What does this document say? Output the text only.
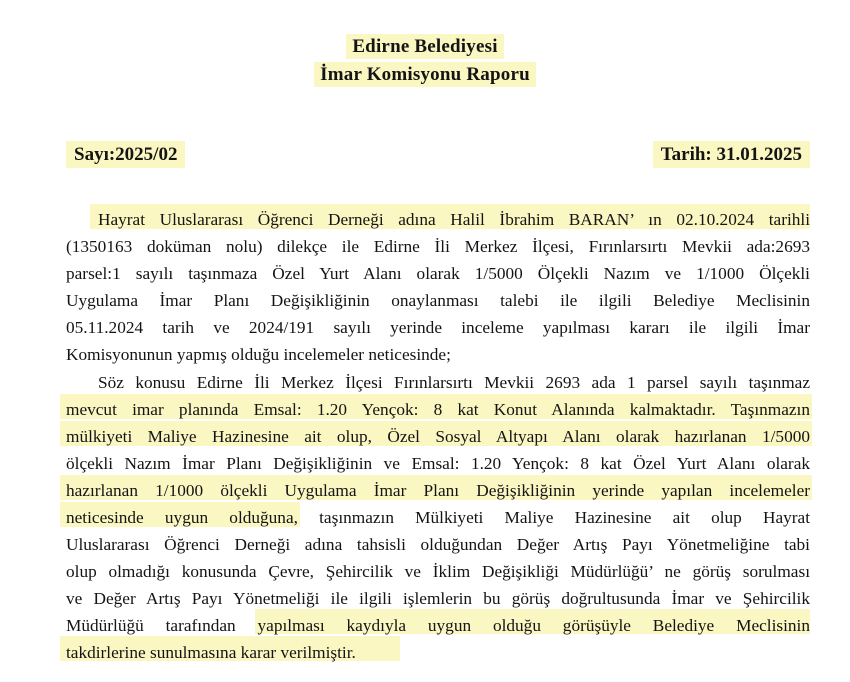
Edirne Belediyesi
İmar Komisyonu Raporu
Sayı:2025/02	Tarih: 31.01.2025
Hayrat Uluslararası Öğrenci Derneği adına Halil İbrahim BARAN’ ın 02.10.2024 tarihli
(1350163 doküman nolu) dilekçe ile Edirne İli Merkez İlçesi, Fırınlarsırtı Mevkii ada:2693
parsel:1 sayılı taşınmaza Özel Yurt Alanı olarak 1/5000 Ölçekli Nazım ve 1/1000 Ölçekli
Uygulama İmar Planı Değişikliğinin onaylanması talebi ile ilgili Belediye Meclisinin
05.11.2024 tarih ve 2024/191 sayılı yerinde inceleme yapılması kararı ile ilgili İmar
Komisyonunun yapmış olduğu incelemeler neticesinde;
Söz konusu Edirne İli Merkez İlçesi Fırınlarsırtı Mevkii 2693 ada 1 parsel sayılı taşınmaz
mevcut imar planında Emsal: 1.20 Yençok: 8 kat Konut Alanında kalmaktadır. Taşınmazın
mülkiyeti Maliye Hazinesine ait olup, Özel Sosyal Altyapı Alanı olarak hazırlanan 1/5000
ölçekli Nazım İmar Planı Değişikliğinin ve Emsal: 1.20 Yençok: 8 kat Özel Yurt Alanı olarak
hazırlanan 1/1000 ölçekli Uygulama İmar Planı Değişikliğinin yerinde yapılan incelemeler
neticesinde uygun olduğuna, taşınmazın Mülkiyeti Maliye Hazinesine ait olup Hayrat
Uluslararası Öğrenci Derneği adına tahsisli olduğundan Değer Artış Payı Yönetmeliğine tabi
olup olmadığı konusunda Çevre, Şehircilik ve İklim Değişikliği Müdürlüğü’ ne görüş sorulması
ve Değer Artış Payı Yönetmeliği ile ilgili işlemlerin bu görüş doğrultusunda İmar ve Şehircilik
Müdürlüğü tarafından yapılması kaydıyla uygun olduğu görüşüyle Belediye Meclisinin
takdirlerine sunulmasına karar verilmiştir.
